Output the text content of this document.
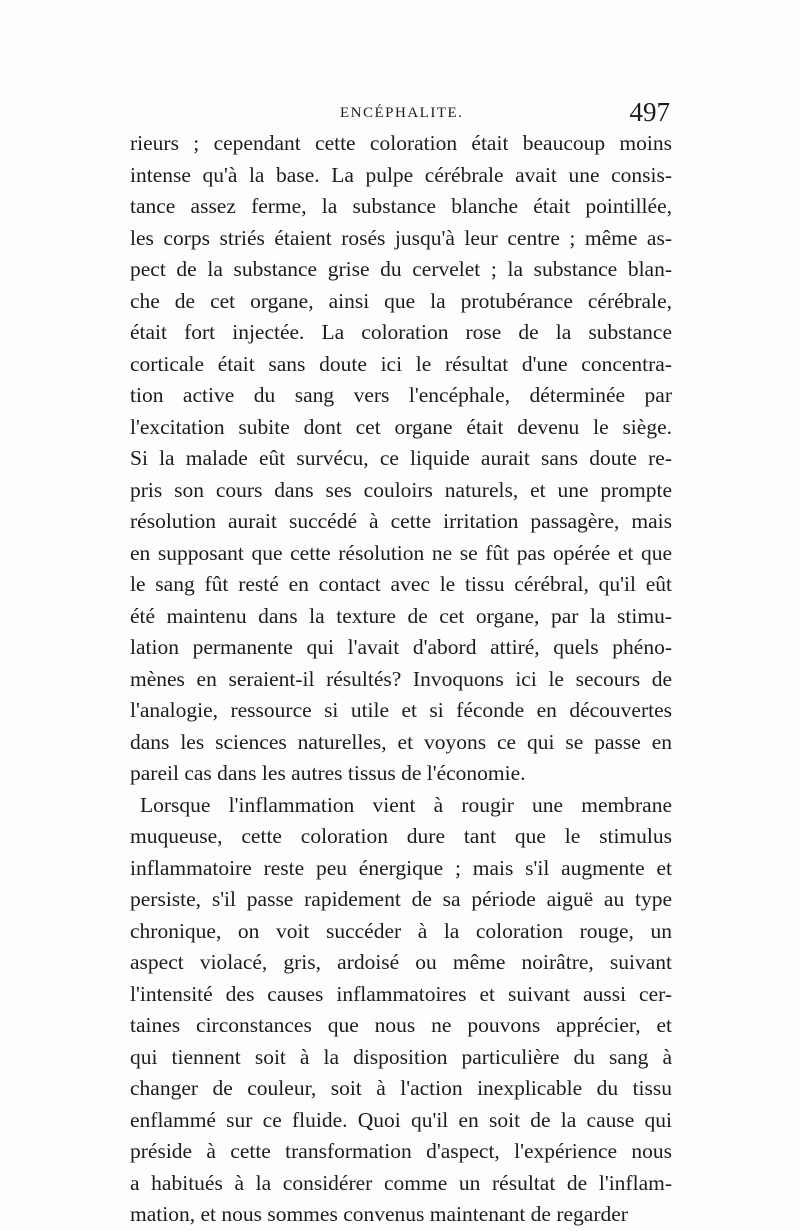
ENCÉPHALITE.	497
rieurs ; cependant cette coloration était beaucoup moins
intense qu'à la base. La pulpe cérébrale avait une consis-
tance assez ferme, la substance blanche était pointillée,
les corps striés étaient rosés jusqu'à leur centre ; même as-
pect de la substance grise du cervelet ; la substance blan-
che de cet organe, ainsi que la protubérance cérébrale,
était fort injectée. La coloration rose de la substance
corticale était sans doute ici le résultat d'une concentra-
tion active du sang vers l'encéphale, déterminée par
l'excitation subite dont cet organe était devenu le siège.
Si la malade eût survécu, ce liquide aurait sans doute re-
pris son cours dans ses couloirs naturels, et une prompte
résolution aurait succédé à cette irritation passagère, mais
en supposant que cette résolution ne se fût pas opérée et que
le sang fût resté en contact avec le tissu cérébral, qu'il eût
été maintenu dans la texture de cet organe, par la stimu-
lation permanente qui l'avait d'abord attiré, quels phéno-
mènes en seraient-il résultés? Invoquons ici le secours de
l'analogie, ressource si utile et si féconde en découvertes
dans les sciences naturelles, et voyons ce qui se passe en
pareil cas dans les autres tissus de l'économie.
Lorsque l'inflammation vient à rougir une membrane
muqueuse, cette coloration dure tant que le stimulus
inflammatoire reste peu énergique ; mais s'il augmente et
persiste, s'il passe rapidement de sa période aiguë au type
chronique, on voit succéder à la coloration rouge, un
aspect violacé, gris, ardoisé ou même noirâtre, suivant
l'intensité des causes inflammatoires et suivant aussi cer-
taines circonstances que nous ne pouvons apprécier, et
qui tiennent soit à la disposition particulière du sang à
changer de couleur, soit à l'action inexplicable du tissu
enflammé sur ce fluide. Quoi qu'il en soit de la cause qui
préside à cette transformation d'aspect, l'expérience nous
a habitués à la considérer comme un résultat de l'inflam-
mation, et nous sommes convenus maintenant de regarder
